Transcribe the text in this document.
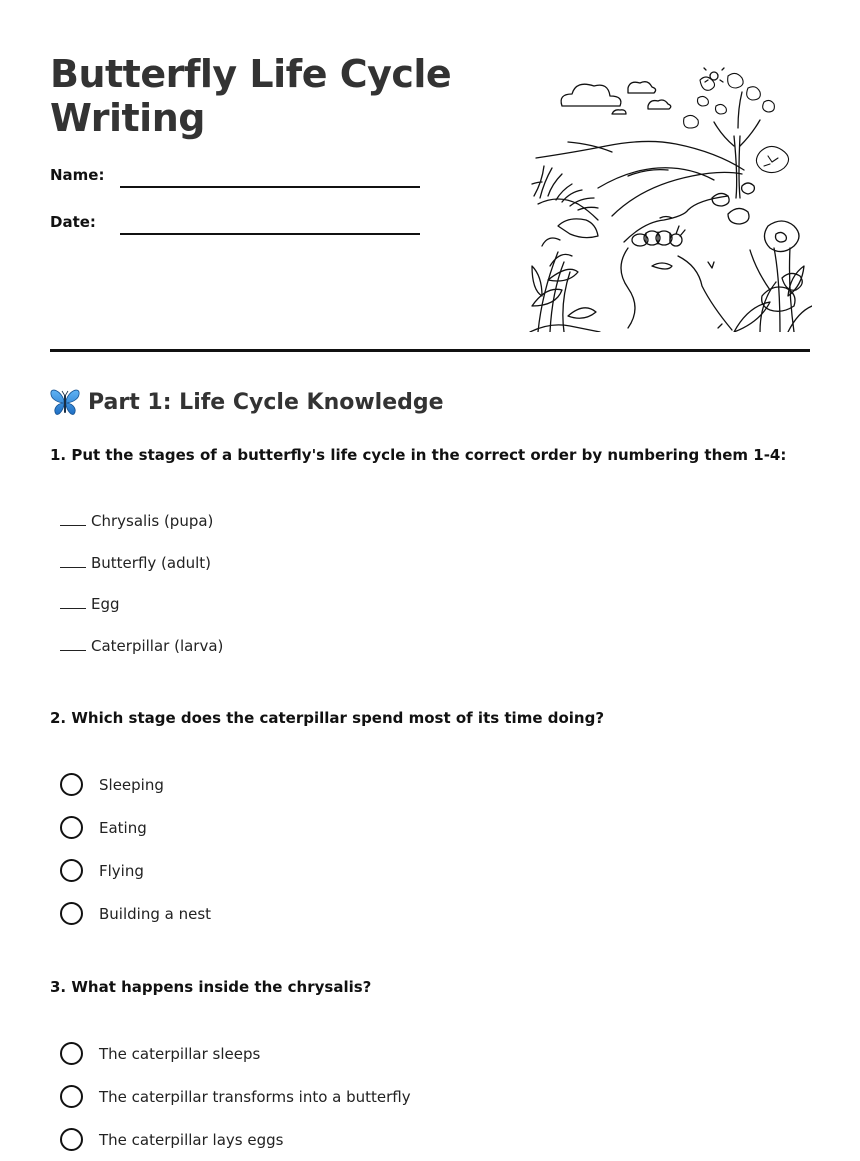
Butterfly Life Cycle
Writing
Name:
Date:
Part 1: Life Cycle Knowledge

1. Put the stages of a butterfly's life cycle in the correct order by numbering them 1-4:

Chrysalis (pupa)
Butterfly (adult)
Egg
Caterpillar (larva)

2. Which stage does the caterpillar spend most of its time doing?

Sleeping
Eating
Flying
Building a nest

3. What happens inside the chrysalis?

The caterpillar sleeps
The caterpillar transforms into a butterfly
The caterpillar lays eggs
